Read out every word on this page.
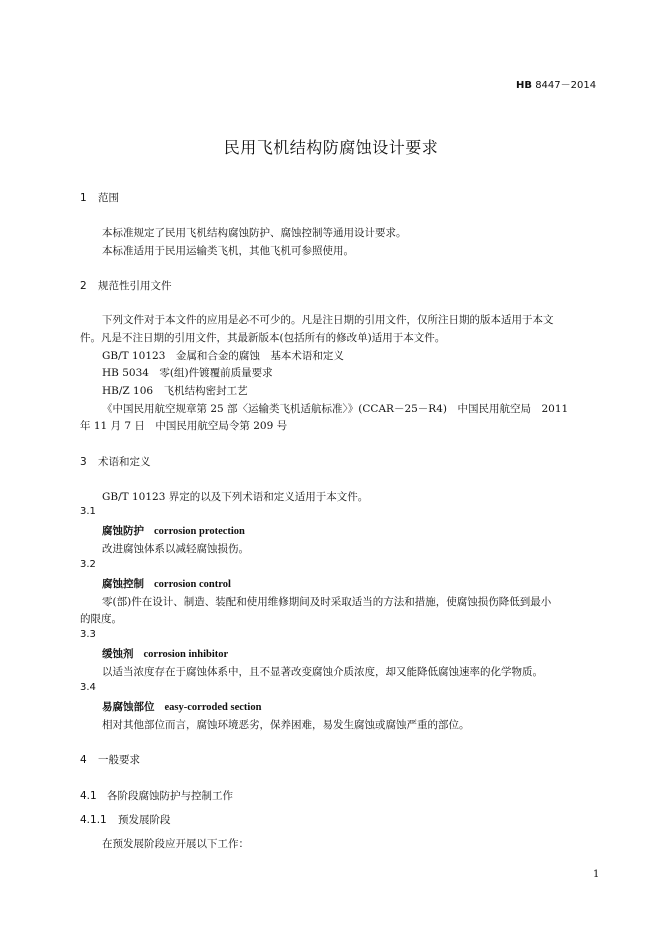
HB 8447－2014
民用飞机结构防腐蚀设计要求
1 范围
本标准规定了民用飞机结构腐蚀防护、腐蚀控制等通用设计要求。
本标准适用于民用运输类飞机，其他飞机可参照使用。
2 规范性引用文件
下列文件对于本文件的应用是必不可少的。凡是注日期的引用文件，仅所注日期的版本适用于本文
件。凡是不注日期的引用文件，其最新版本(包括所有的修改单)适用于本文件。
GB/T 10123　金属和合金的腐蚀　基本术语和定义
HB 5034　零(组)件镀覆前质量要求
HB/Z 106　飞机结构密封工艺
《中国民用航空规章第 25 部〈运输类飞机适航标准〉》(CCAR－25－R4)　中国民用航空局　2011
年 11 月 7 日　中国民用航空局令第 209 号
3 术语和定义
GB/T 10123 界定的以及下列术语和定义适用于本文件。
3.1
腐蚀防护 corrosion protection
改进腐蚀体系以减轻腐蚀损伤。
3.2
腐蚀控制 corrosion control
零(部)件在设计、制造、装配和使用维修期间及时采取适当的方法和措施，使腐蚀损伤降低到最小
的限度。
3.3
缓蚀剂 corrosion inhibitor
以适当浓度存在于腐蚀体系中，且不显著改变腐蚀介质浓度，却又能降低腐蚀速率的化学物质。
3.4
易腐蚀部位 easy-corroded section
相对其他部位而言，腐蚀环境恶劣，保养困难，易发生腐蚀或腐蚀严重的部位。
4 一般要求
4.1 各阶段腐蚀防护与控制工作
4.1.1 预发展阶段
在预发展阶段应开展以下工作：
1
